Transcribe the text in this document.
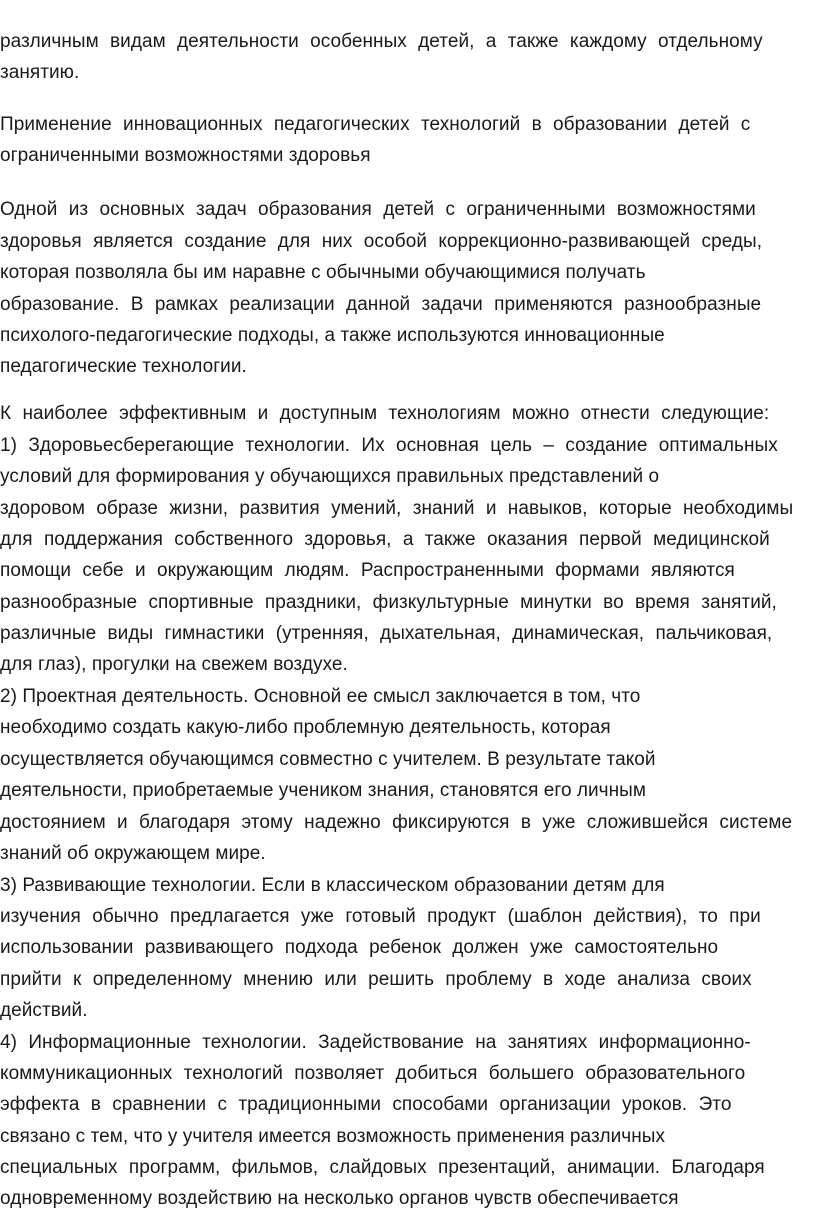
различным видам деятельности особенных детей, а также каждому отдельному
занятию.
Применение инновационных педагогических технологий в образовании детей с
ограниченными возможностями здоровья
Одной из основных задач образования детей с ограниченными возможностями
здоровья является создание для них особой коррекционно-развивающей среды,
которая позволяла бы им наравне с обычными обучающимися получать
образование. В рамках реализации данной задачи применяются разнообразные
психолого-педагогические подходы, а также используются инновационные
педагогические технологии.
К наиболее эффективным и доступным технологиям можно отнести следующие:
1) Здоровьесберегающие технологии. Их основная цель – создание оптимальных
условий для формирования у обучающихся правильных представлений о
здоровом образе жизни, развития умений, знаний и навыков, которые необходимы
для поддержания собственного здоровья, а также оказания первой медицинской
помощи себе и окружающим людям. Распространенными формами являются
разнообразные спортивные праздники, физкультурные минутки во время занятий,
различные виды гимнастики (утренняя, дыхательная, динамическая, пальчиковая,
для глаз), прогулки на свежем воздухе.
2) Проектная деятельность. Основной ее смысл заключается в том, что
необходимо создать какую-либо проблемную деятельность, которая
осуществляется обучающимся совместно с учителем. В результате такой
деятельности, приобретаемые учеником знания, становятся его личным
достоянием и благодаря этому надежно фиксируются в уже сложившейся системе
знаний об окружающем мире.
3) Развивающие технологии. Если в классическом образовании детям для
изучения обычно предлагается уже готовый продукт (шаблон действия), то при
использовании развивающего подхода ребенок должен уже самостоятельно
прийти к определенному мнению или решить проблему в ходе анализа своих
действий.
4) Информационные технологии. Задействование на занятиях информационно-
коммуникационных технологий позволяет добиться большего образовательного
эффекта в сравнении с традиционными способами организации уроков. Это
связано с тем, что у учителя имеется возможность применения различных
специальных программ, фильмов, слайдовых презентаций, анимации. Благодаря
одновременному воздействию на несколько органов чувств обеспечивается
